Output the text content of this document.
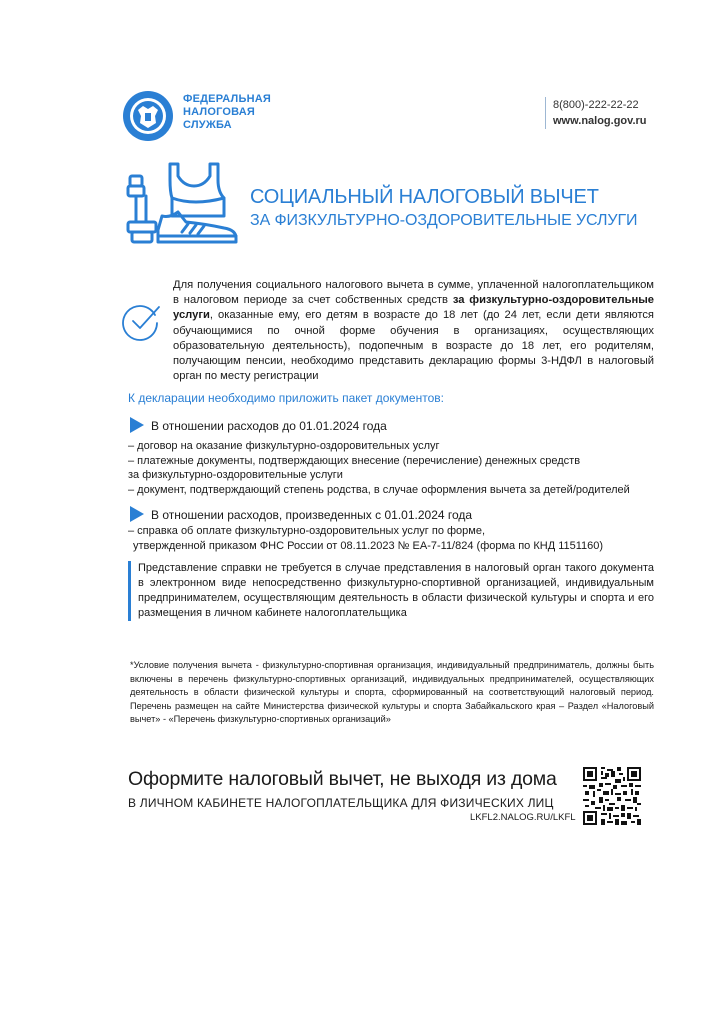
ФЕДЕРАЛЬНАЯ
НАЛОГОВАЯ
СЛУЖБА
8(800)-222-22-22
www.nalog.gov.ru
СОЦИАЛЬНЫЙ НАЛОГОВЫЙ ВЫЧЕТ
ЗА ФИЗКУЛЬТУРНО-ОЗДОРОВИТЕЛЬНЫЕ УСЛУГИ
Для получения социального налогового вычета в сумме, уплаченной налогоплательщиком в налоговом периоде за счет собственных средств за физкультурно-оздоровительные услуги, оказанные ему, его детям в возрасте до 18 лет (до 24 лет, если дети являются обучающимися по очной форме обучения в организациях, осуществляющих образовательную деятельность), подопечным в возрасте до 18 лет, его родителям, получающим пенсии, необходимо представить декларацию формы 3-НДФЛ в налоговый орган по месту регистрации
К декларации необходимо приложить пакет документов:
В отношении расходов до 01.01.2024 года
– договор на оказание физкультурно-оздоровительных услуг
– платежные документы, подтверждающих внесение (перечисление) денежных средств
за физкультурно-оздоровительные услуги
– документ, подтверждающий степень родства, в случае оформления вычета за детей/родителей
В отношении расходов, произведенных с 01.01.2024 года
– справка об оплате физкультурно-оздоровительных услуг по форме,
утвержденной приказом ФНС России от 08.11.2023 № ЕА-7-11/824 (форма по КНД 1151160)
Представление справки не требуется в случае представления в налоговый орган такого документа в электронном виде непосредственно физкультурно-спортивной организацией, индивидуальным предпринимателем, осуществляющим деятельность в области физической культуры и спорта и его размещения в личном кабинете налогоплательщика
*Условие получения вычета - физкультурно-спортивная организация, индивидуальный предприниматель, должны быть включены в перечень физкультурно-спортивных организаций, индивидуальных предпринимателей, осуществляющих деятельность в области физической культуры и спорта, сформированный на соответствующий налоговый период. Перечень размещен на сайте Министерства физической культуры и спорта Забайкальского края – Раздел «Налоговый вычет» - «Перечень физкультурно-спортивных организаций»
Оформите налоговый вычет, не выходя из дома
В ЛИЧНОМ КАБИНЕТЕ НАЛОГОПЛАТЕЛЬЩИКА ДЛЯ ФИЗИЧЕСКИХ ЛИЦ
LKFL2.NALOG.RU/LKFL
